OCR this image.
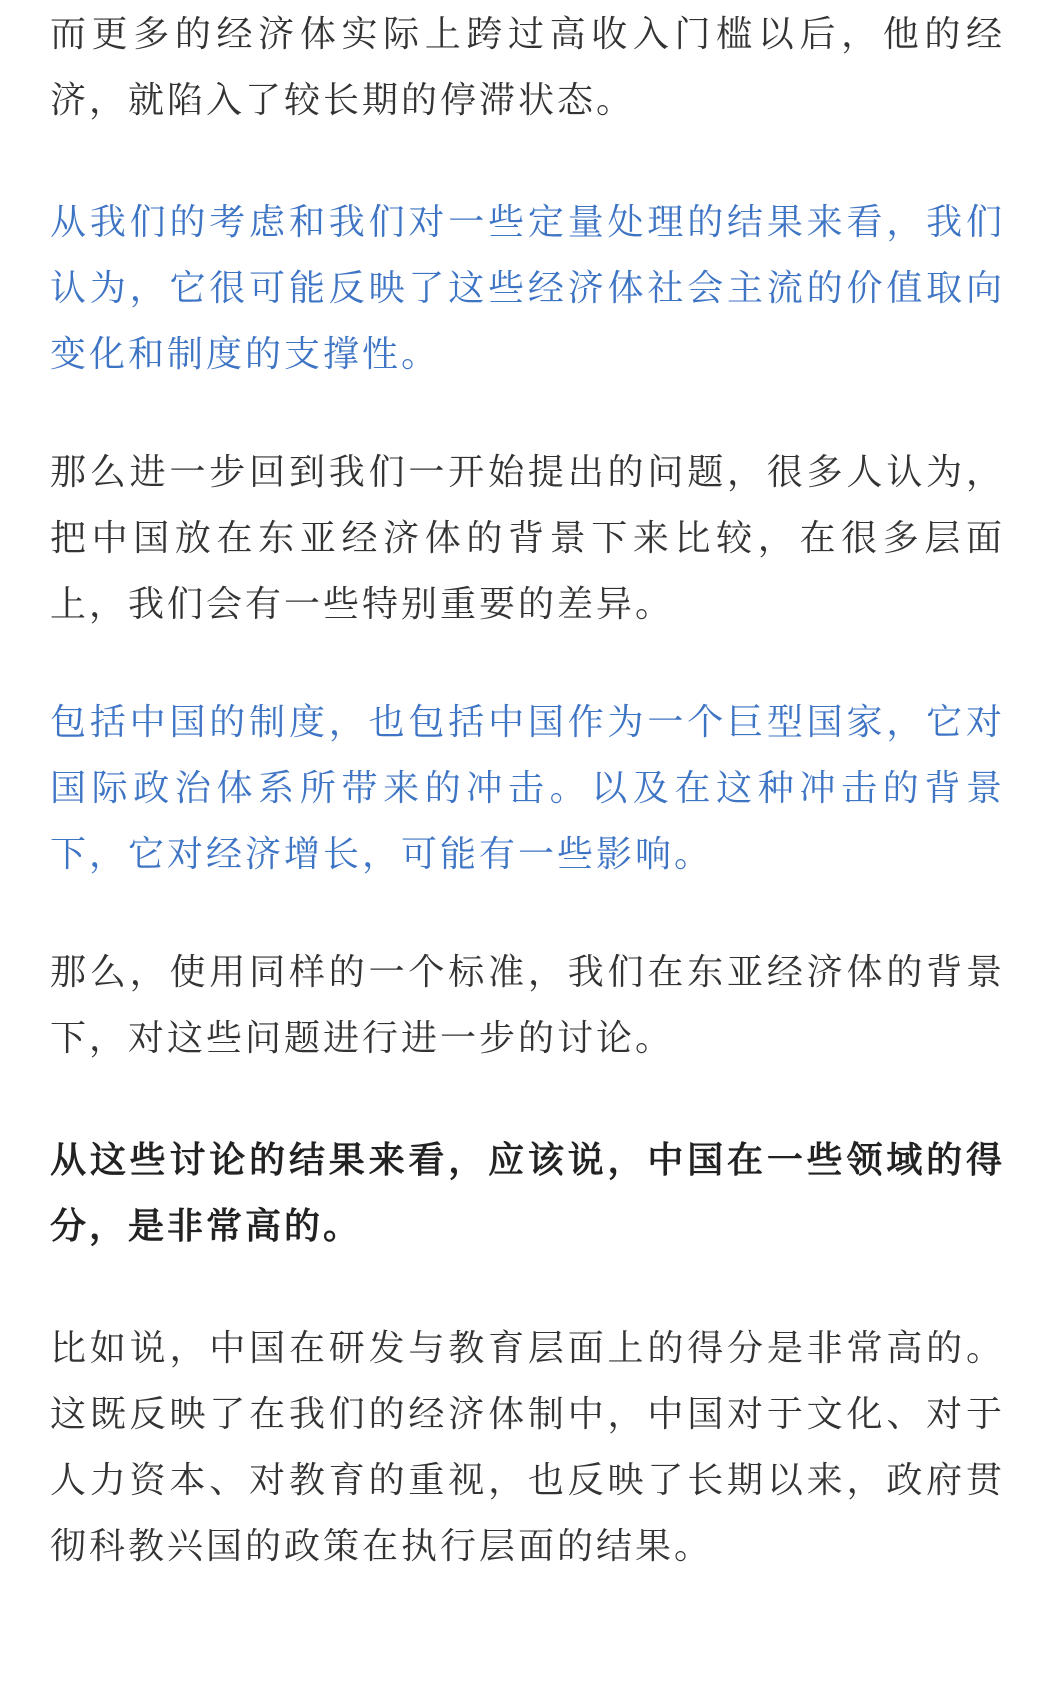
而更多的经济体实际上跨过高收入门槛以后，他的经济，就陷入了较长期的停滞状态。

从我们的考虑和我们对一些定量处理的结果来看，我们认为，它很可能反映了这些经济体社会主流的价值取向变化和制度的支撑性。

那么进一步回到我们一开始提出的问题，很多人认为，把中国放在东亚经济体的背景下来比较，在很多层面上，我们会有一些特别重要的差异。

包括中国的制度，也包括中国作为一个巨型国家，它对国际政治体系所带来的冲击。以及在这种冲击的背景下，它对经济增长，可能有一些影响。

那么，使用同样的一个标准，我们在东亚经济体的背景下，对这些问题进行进一步的讨论。

从这些讨论的结果来看，应该说，中国在一些领域的得分，是非常高的。

比如说，中国在研发与教育层面上的得分是非常高的。这既反映了在我们的经济体制中，中国对于文化、对于人力资本、对教育的重视，也反映了长期以来，政府贯彻科教兴国的政策在执行层面的结果。
